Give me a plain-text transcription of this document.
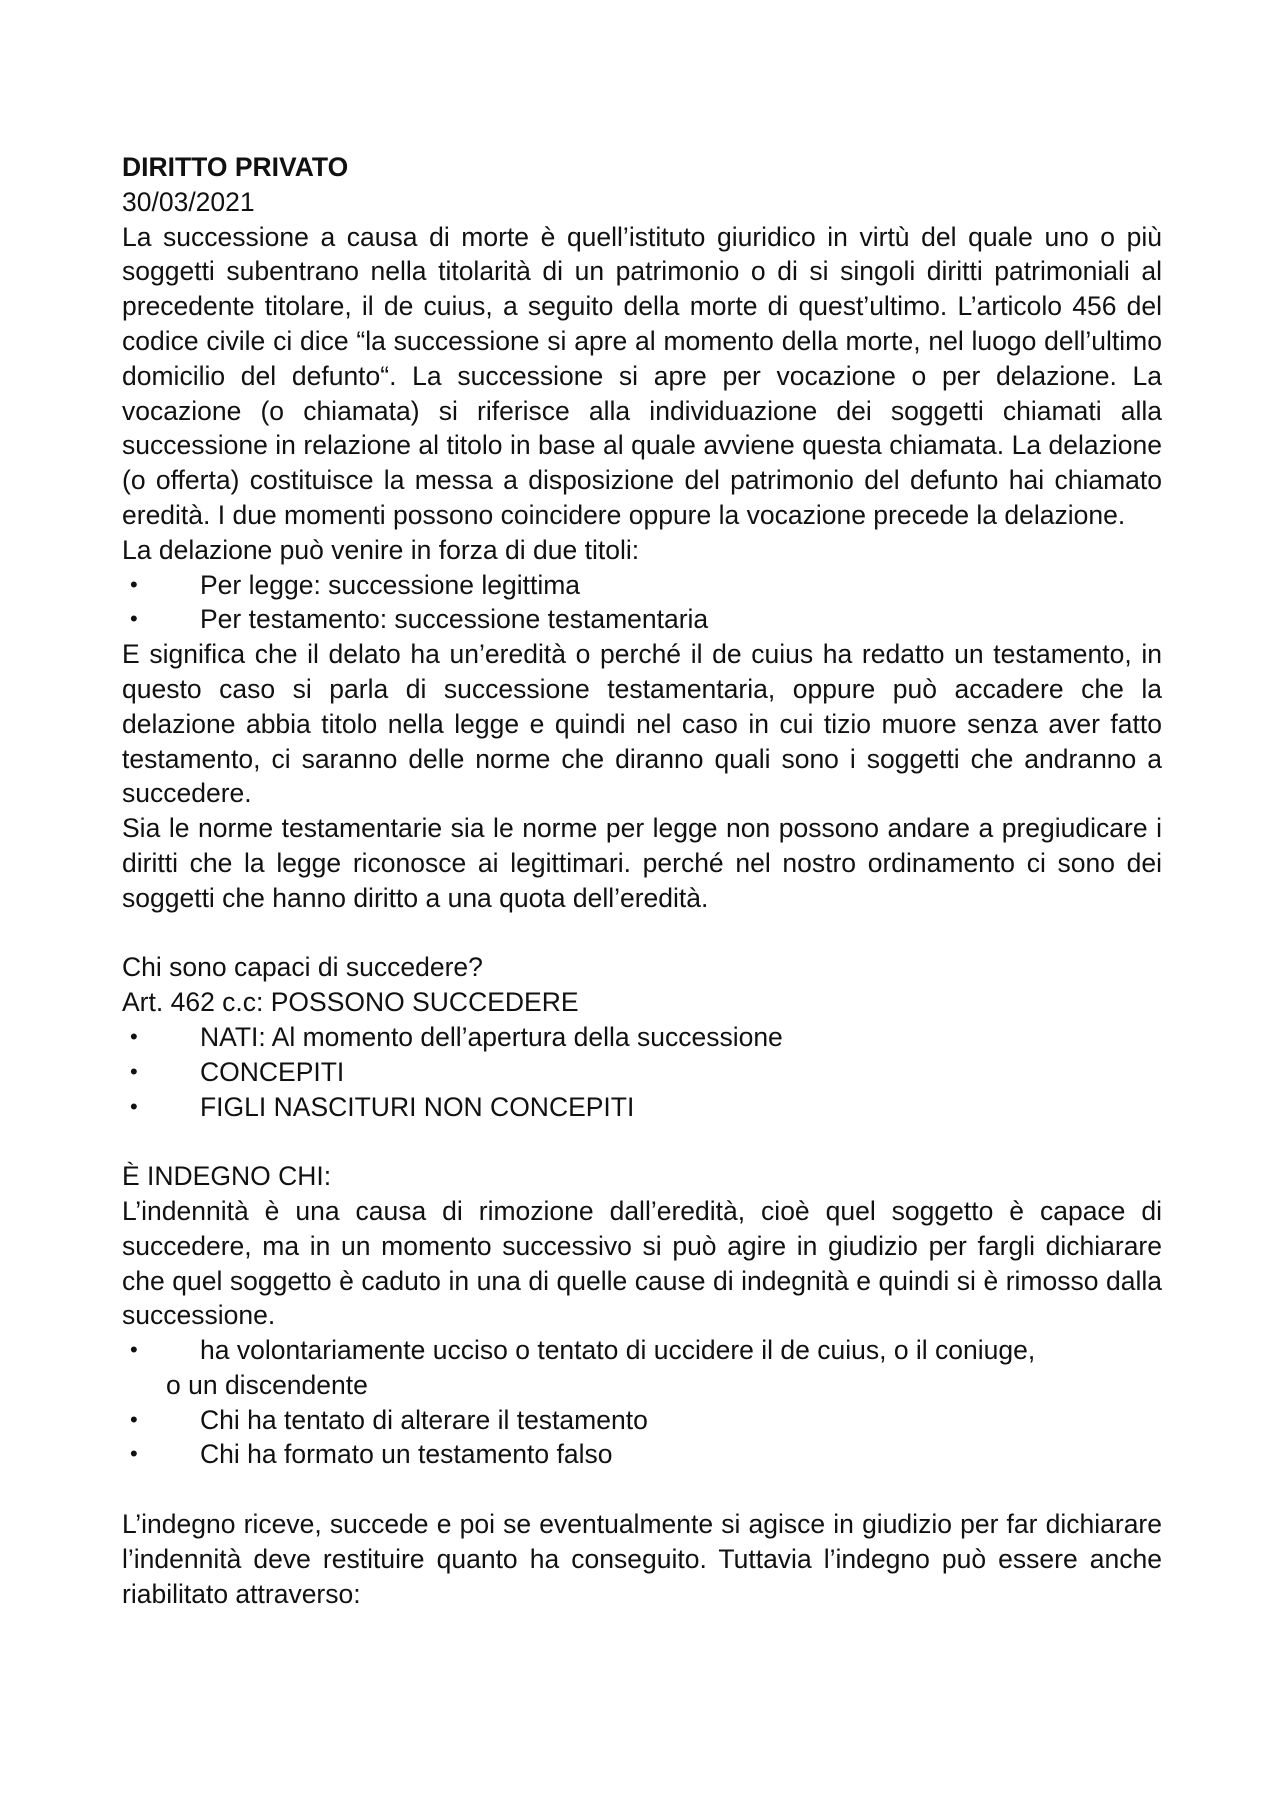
DIRITTO PRIVATO

30/03/2021

La successione a causa di morte è quell’istituto giuridico in virtù del quale uno o più soggetti subentrano nella titolarità di un patrimonio o di si singoli diritti patrimoniali al precedente titolare, il de cuius, a seguito della morte di quest’ultimo. L’articolo 456 del codice civile ci dice “la successione si apre al momento della morte, nel luogo dell’ultimo domicilio del defunto“. La successione si apre per vocazione o per delazione. La vocazione (o chiamata) si riferisce alla individuazione dei soggetti chiamati alla successione in relazione al titolo in base al quale avviene questa chiamata. La delazione (o offerta) costituisce la messa a disposizione del patrimonio del defunto hai chiamato eredità. I due momenti possono coincidere oppure la vocazione precede la delazione.

La delazione può venire in forza di due titoli:

• Per legge: successione legittima
• Per testamento: successione testamentaria

E significa che il delato ha un’eredità o perché il de cuius ha redatto un testamento, in questo caso si parla di successione testamentaria, oppure può accadere che la delazione abbia titolo nella legge e quindi nel caso in cui tizio muore senza aver fatto testamento, ci saranno delle norme che diranno quali sono i soggetti che andranno a succedere.

Sia le norme testamentarie sia le norme per legge non possono andare a pregiudicare i diritti che la legge riconosce ai legittimari. perché nel nostro ordinamento ci sono dei soggetti che hanno diritto a una quota dell’eredità.

Chi sono capaci di succedere?

Art. 462 c.c: POSSONO SUCCEDERE

• NATI: Al momento dell’apertura della successione
• CONCEPITI
• FIGLI NASCITURI NON CONCEPITI

È INDEGNO CHI:

L’indennità è una causa di rimozione dall’eredità, cioè quel soggetto è capace di succedere, ma in un momento successivo si può agire in giudizio per fargli dichiarare che quel soggetto è caduto in una di quelle cause di indegnità e quindi si è rimosso dalla successione.

•	ha volontariamente ucciso o tentato di uccidere il de cuius, o il coniuge,
o un discendente
• Chi ha tentato di alterare il testamento
• Chi ha formato un testamento falso

L’indegno riceve, succede e poi se eventualmente si agisce in giudizio per far dichiarare l’indennità deve restituire quanto ha conseguito. Tuttavia l’indegno può essere anche riabilitato attraverso:
